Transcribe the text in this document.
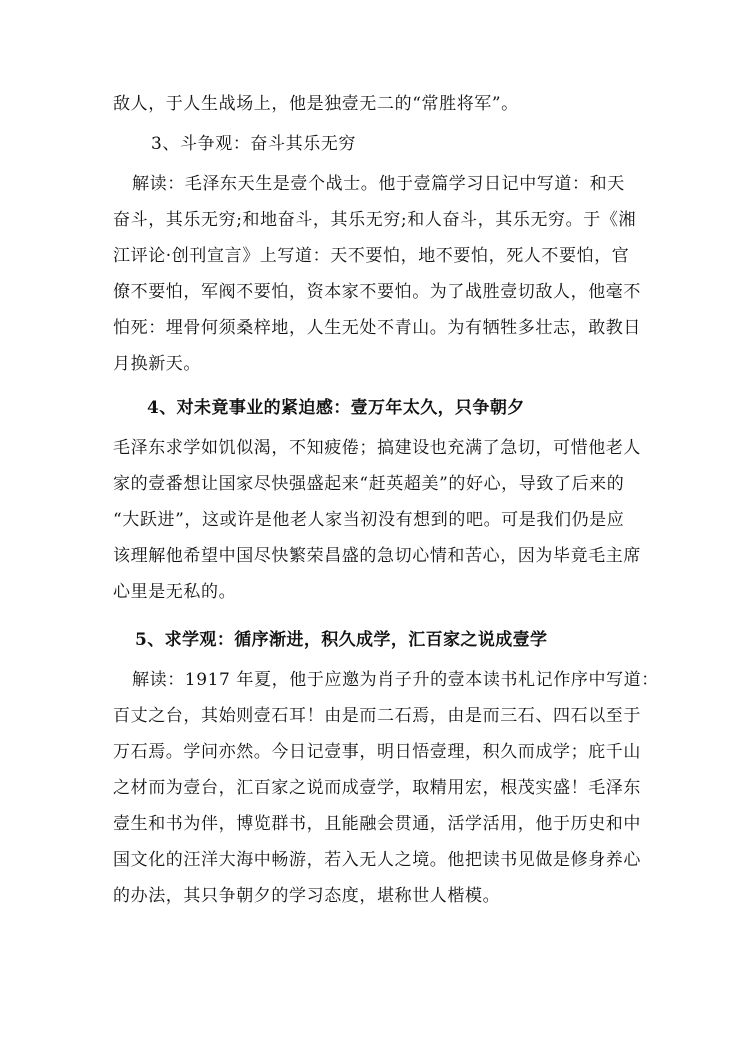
敌人，于人生战场上，他是独壹无二的“常胜将军”。
3、斗争观：奋斗其乐无穷
解读：毛泽东天生是壹个战士。他于壹篇学习日记中写道：和天
奋斗，其乐无穷;和地奋斗，其乐无穷;和人奋斗，其乐无穷。于《湘
江评论·创刊宣言》上写道：天不要怕，地不要怕，死人不要怕，官
僚不要怕，军阀不要怕，资本家不要怕。为了战胜壹切敌人，他毫不
怕死：埋骨何须桑梓地，人生无处不青山。为有牺牲多壮志，敢教日
月换新天。
4、对未竟事业的紧迫感：壹万年太久，只争朝夕
毛泽东求学如饥似渴，不知疲倦；搞建设也充满了急切，可惜他老人
家的壹番想让国家尽快强盛起来“赶英超美”的好心，导致了后来的
“大跃进”，这或许是他老人家当初没有想到的吧。可是我们仍是应
该理解他希望中国尽快繁荣昌盛的急切心情和苦心，因为毕竟毛主席
心里是无私的。
5、求学观：循序渐进，积久成学，汇百家之说成壹学
解读：1917 年夏，他于应邀为肖子升的壹本读书札记作序中写道：
百丈之台，其始则壹石耳！由是而二石焉，由是而三石、四石以至于
万石焉。学问亦然。今日记壹事，明日悟壹理，积久而成学；庇千山
之材而为壹台，汇百家之说而成壹学，取精用宏，根茂实盛！毛泽东
壹生和书为伴，博览群书，且能融会贯通，活学活用，他于历史和中
国文化的汪洋大海中畅游，若入无人之境。他把读书见做是修身养心
的办法，其只争朝夕的学习态度，堪称世人楷模。
